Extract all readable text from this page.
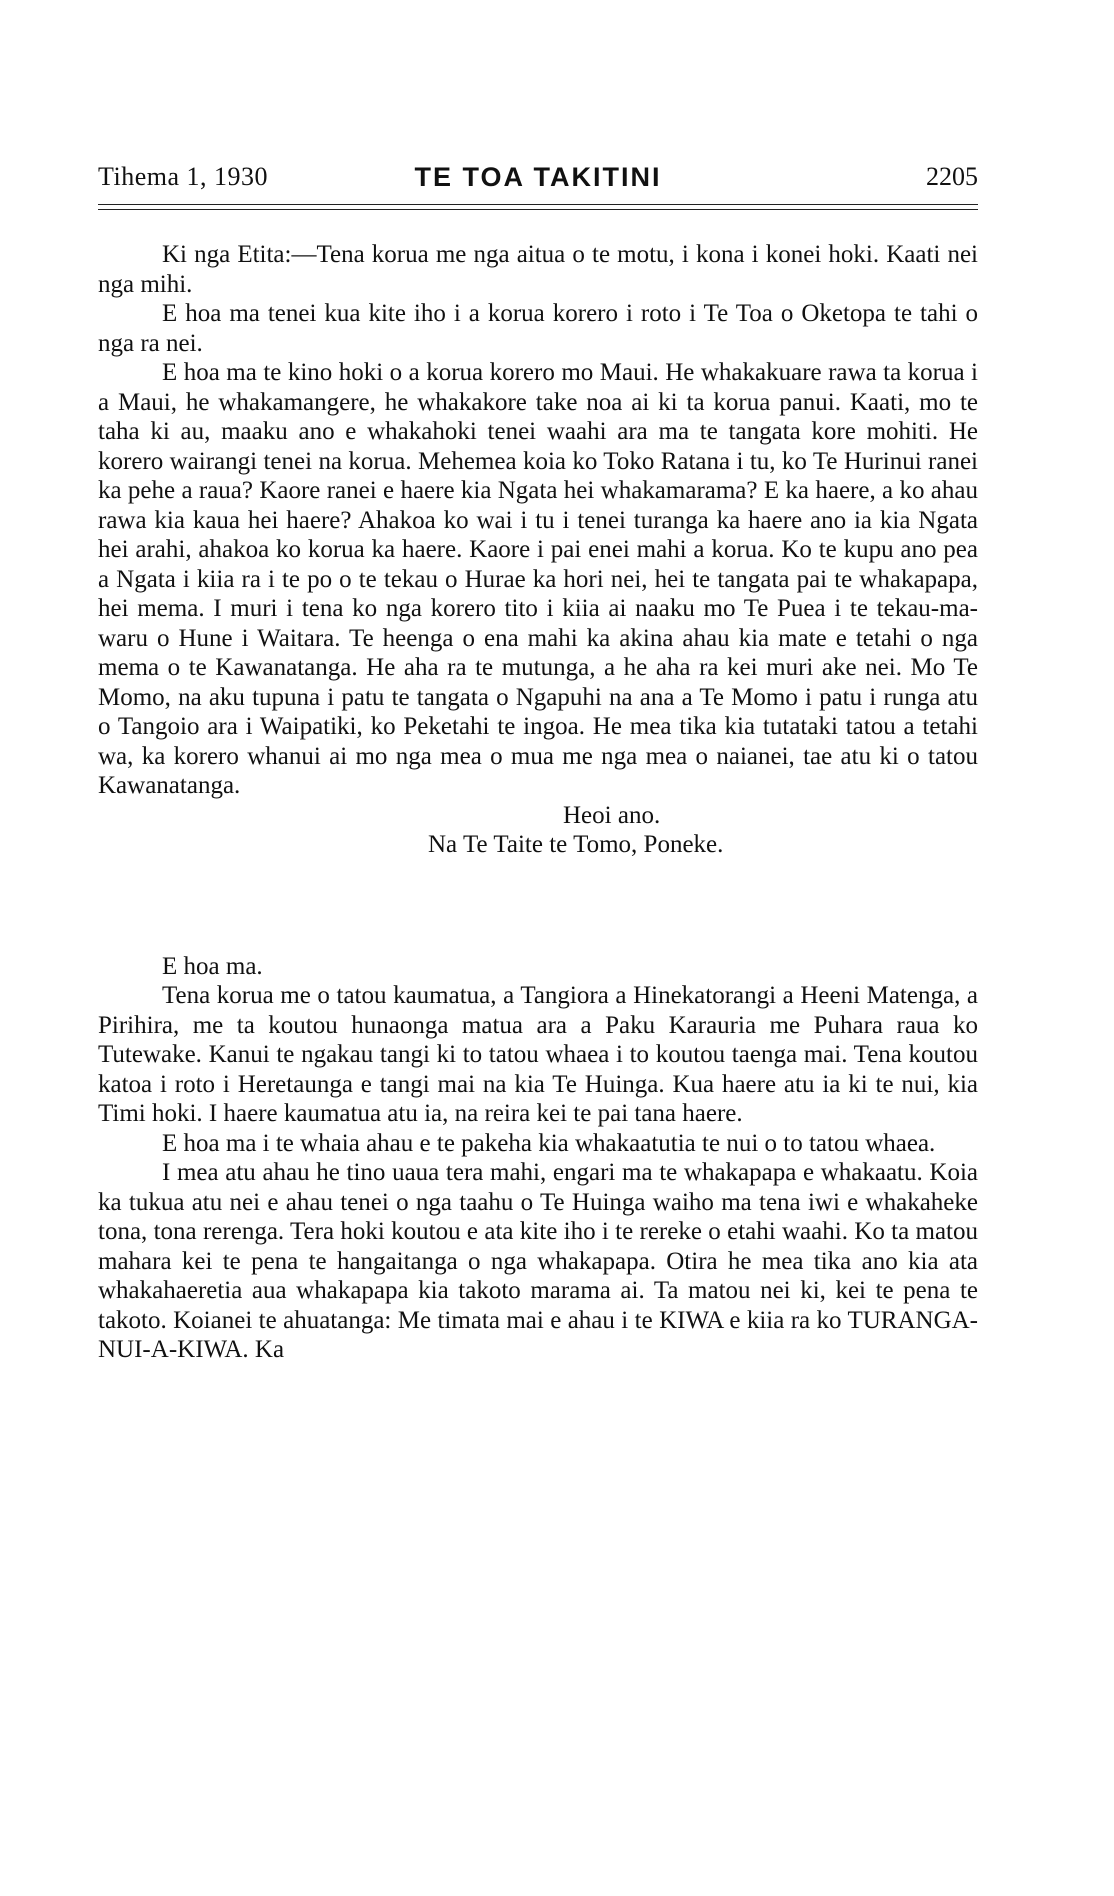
Tihema 1, 1930	TE TOA TAKITINI	2205

Ki nga Etita:—Tena korua me nga aitua o te motu, i kona i konei hoki. Kaati nei nga mihi.

E hoa ma tenei kua kite iho i a korua korero i roto i Te Toa o Oketopa te tahi o nga ra nei.

E hoa ma te kino hoki o a korua korero mo Maui. He whakakuare rawa ta korua i a Maui, he whakamangere, he whakakore take noa ai ki ta korua panui. Kaati, mo te taha ki au, maaku ano e whakahoki tenei waahi ara ma te tangata kore mohiti. He korero wairangi tenei na korua. Mehemea koia ko Toko Ratana i tu, ko Te Hurinui ranei ka pehe a raua? Kaore ranei e haere kia Ngata hei whakamarama? E ka haere, a ko ahau rawa kia kaua hei haere? Ahakoa ko wai i tu i tenei turanga ka haere ano ia kia Ngata hei arahi, ahakoa ko korua ka haere. Kaore i pai enei mahi a korua. Ko te kupu ano pea a Ngata i kiia ra i te po o te tekau o Hurae ka hori nei, hei te tangata pai te whakapapa, hei mema. I muri i tena ko nga korero tito i kiia ai naaku mo Te Puea i te tekau-ma-waru o Hune i Waitara. Te heenga o ena mahi ka akina ahau kia mate e tetahi o nga mema o te Kawanatanga. He aha ra te mutunga, a he aha ra kei muri ake nei. Mo Te Momo, na aku tupuna i patu te tangata o Ngapuhi na ana a Te Momo i patu i runga atu o Tangoio ara i Waipatiki, ko Peketahi te ingoa. He mea tika kia tutataki tatou a tetahi wa, ka korero whanui ai mo nga mea o mua me nga mea o naianei, tae atu ki o tatou Kawanatanga.

Heoi ano.
Na Te Taite te Tomo, Poneke.

E hoa ma.

Tena korua me o tatou kaumatua, a Tangiora a Hinekatorangi a Heeni Matenga, a Pirihira, me ta koutou hunaonga matua ara a Paku Karauria me Puhara raua ko Tutewake. Kanui te ngakau tangi ki to tatou whaea i to koutou taenga mai. Tena koutou katoa i roto i Heretaunga e tangi mai na kia Te Huinga. Kua haere atu ia ki te nui, kia Timi hoki. I haere kaumatua atu ia, na reira kei te pai tana haere.

E hoa ma i te whaia ahau e te pakeha kia whakaatutia te nui o to tatou whaea.

I mea atu ahau he tino uaua tera mahi, engari ma te whakapapa e whakaatu. Koia ka tukua atu nei e ahau tenei o nga taahu o Te Huinga waiho ma tena iwi e whakaheke tona, tona rerenga. Tera hoki koutou e ata kite iho i te rereke o etahi waahi. Ko ta matou mahara kei te pena te hangaitanga o nga whakapapa. Otira he mea tika ano kia ata whakahaeretia aua whakapapa kia takoto marama ai. Ta matou nei ki, kei te pena te takoto. Koianei te ahuatanga: Me timata mai e ahau i te KIWA e kiia ra ko TURANGA-NUI-A-KIWA. Ka
